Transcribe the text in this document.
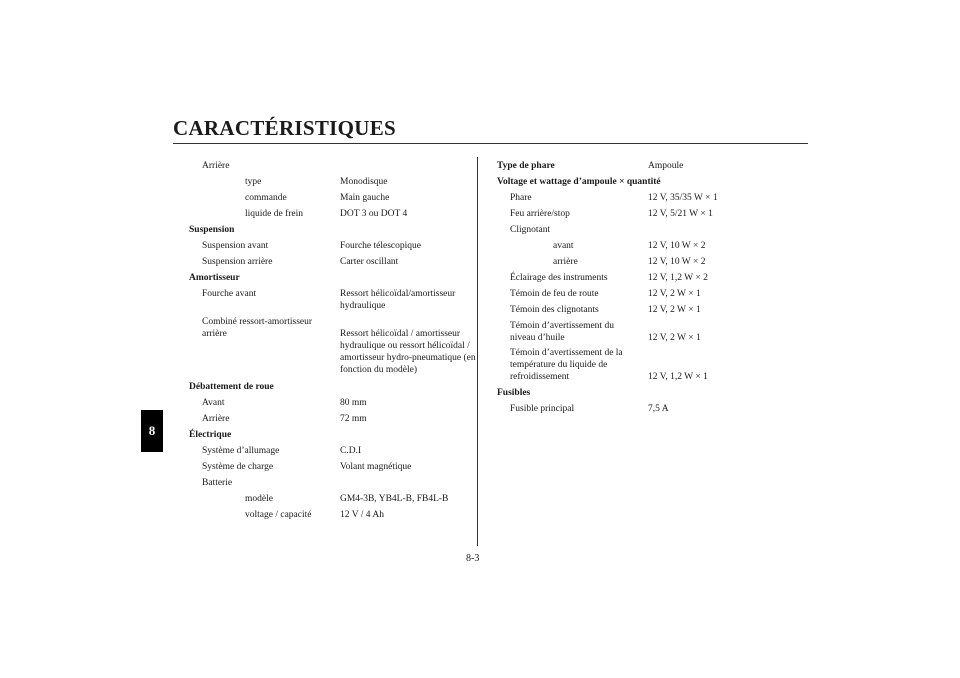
CARACTÉRISTIQUES
8
8-3
Arrière
type	Monodisque
commande	Main gauche
liquide de frein	DOT 3 ou DOT 4
Suspension
Suspension avant	Fourche télescopique
Suspension arrière	Carter oscillant
Amortisseur
Fourche avant	Ressort hélicoïdal/amortisseur
hydraulique
Combiné ressort-amortisseur
arrière	Ressort hélicoïdal / amortisseur
hydraulique ou ressort hélicoïdal /
amortisseur hydro-pneumatique (en
fonction du modèle)
Débattement de roue
Avant	80 mm
Arrière	72 mm
Électrique
Système d’allumage	C.D.I
Système de charge	Volant magnétique
Batterie
modèle	GM4-3B, YB4L-B, FB4L-B
voltage / capacité	12 V / 4 Ah
Type de phare	Ampoule
Voltage et wattage d’ampoule × quantité
Phare	12 V, 35/35 W × 1
Feu arrière/stop	12 V, 5/21 W × 1
Clignotant
avant	12 V, 10 W × 2
arrière	12 V, 10 W × 2
Éclairage des instruments	12 V, 1,2 W × 2
Témoin de feu de route	12 V, 2 W × 1
Témoin des clignotants	12 V, 2 W × 1
Témoin d’avertissement du
niveau d’huile	12 V, 2 W × 1
Témoin d’avertissement de la
température du liquide de
refroidissement	12 V, 1,2 W × 1
Fusibles
Fusible principal	7,5 A
